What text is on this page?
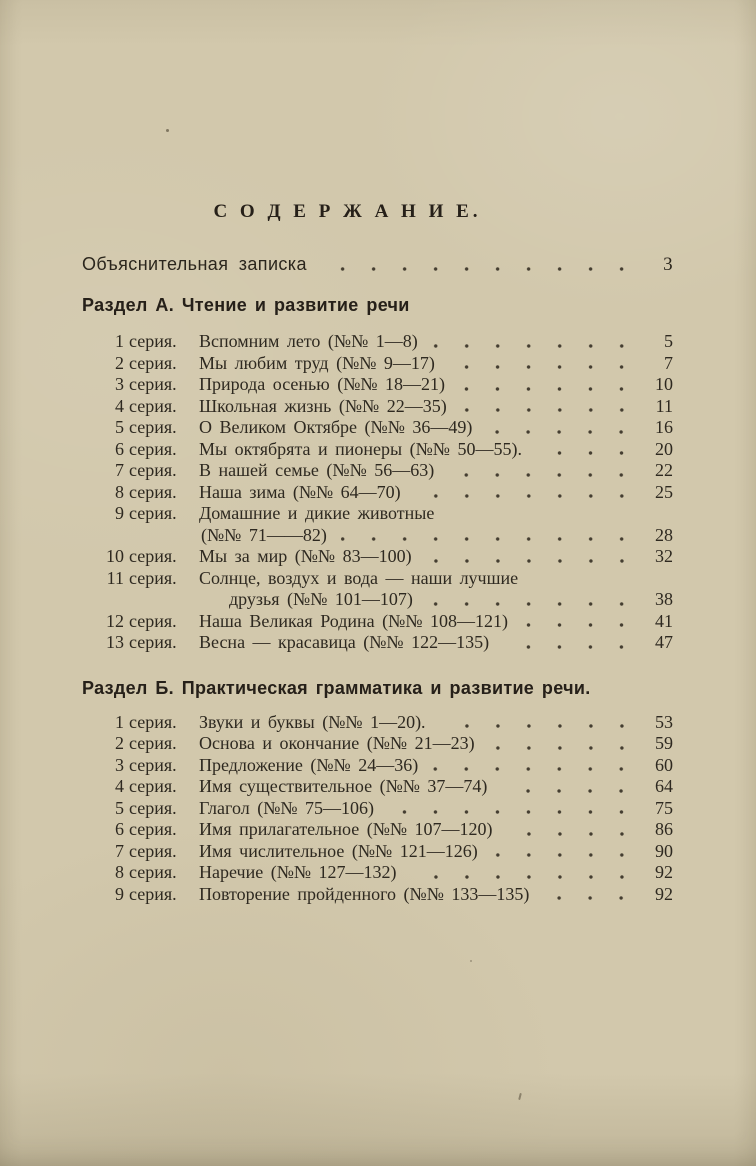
С О Д Е Р Ж А Н И Е.
Объяснительная записка	3
Раздел А. Чтение и развитие речи
1 серия.	Вспомним лето (№№ 1—8)	5
2 серия.	Мы любим труд (№№ 9—17)	7
3 серия.	Природа осенью (№№ 18—21)	10
4 серия.	Школьная жизнь (№№ 22—35)	11
5 серия.	О Великом Октябре (№№ 36—49)	16
6 серия.	Мы октябрята и пионеры (№№ 50—55).	20
7 серия.	В нашей семье (№№ 56—63)	22
8 серия.	Наша зима (№№ 64—70)	25
9 серия.	Домашние и дикие животные
(№№ 71——82)	28
10 серия.	Мы за мир (№№ 83—100)	32
11 серия.	Солнце, воздух и вода — наши лучшие
друзья (№№ 101—107)	38
12 серия.	Наша Великая Родина (№№ 108—121)	41
13 серия.	Весна — красавица (№№ 122—135)	47
Раздел Б. Практическая грамматика и развитие речи.
1 серия.	Звуки и буквы (№№ 1—20).	53
2 серия.	Основа и окончание (№№ 21—23)	59
3 серия.	Предложение (№№ 24—36)	60
4 серия.	Имя существительное (№№ 37—74)	64
5 серия.	Глагол (№№ 75—106)	75
6 серия.	Имя прилагательное (№№ 107—120)	86
7 серия.	Имя числительное (№№ 121—126)	90
8 серия.	Наречие (№№ 127—132)	92
9 серия.	Повторение пройденного (№№ 133—135)	92
